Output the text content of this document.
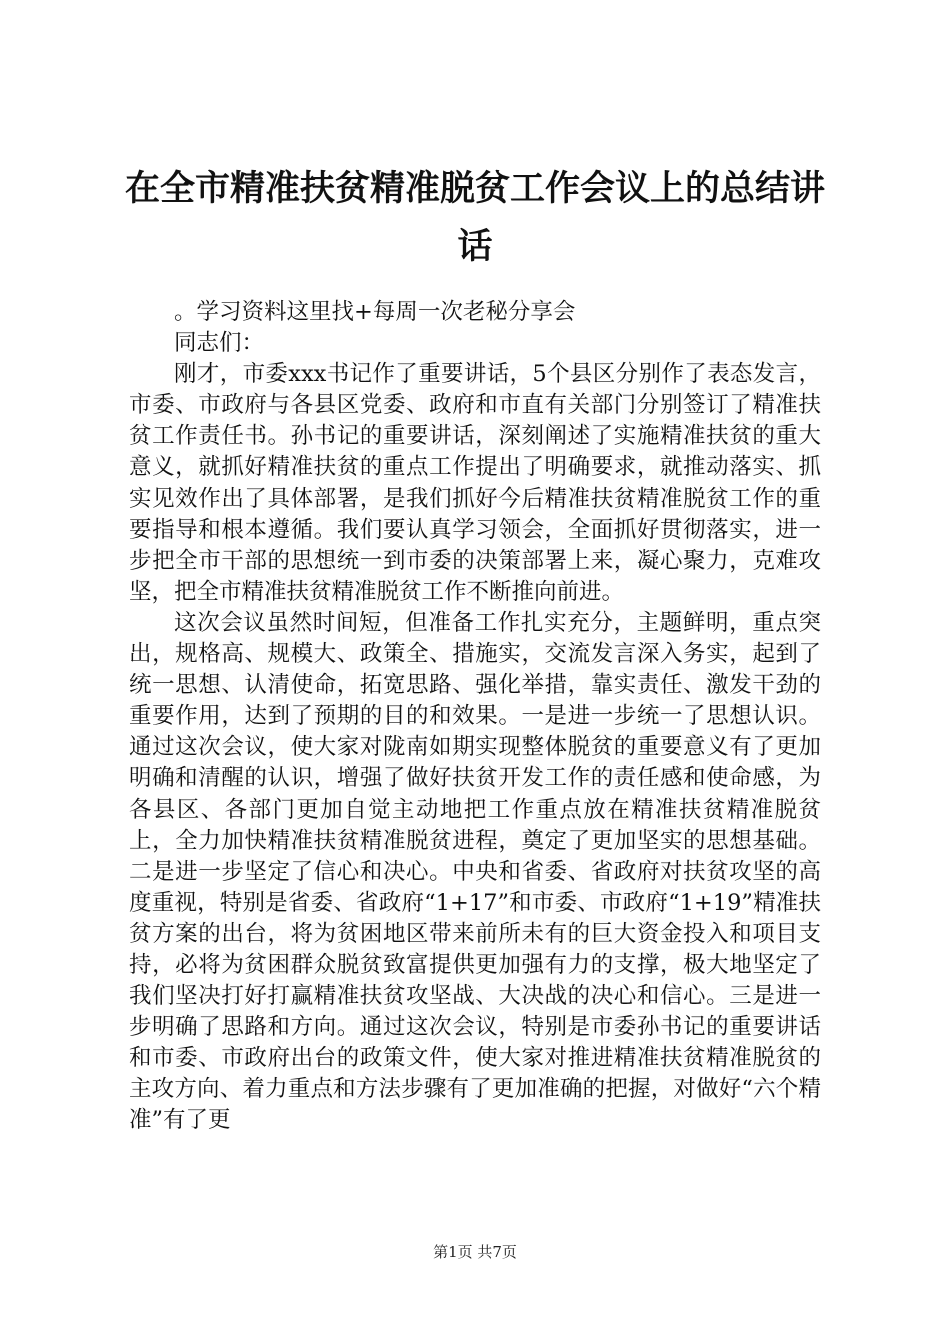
在全市精准扶贫精准脱贫工作会议上的总结讲话

。学习资料这里找+每周一次老秘分享会

同志们：

刚才，市委xxx书记作了重要讲话，5个县区分别作了表态发言，市委、市政府与各县区党委、政府和市直有关部门分别签订了精准扶贫工作责任书。孙书记的重要讲话，深刻阐述了实施精准扶贫的重大意义，就抓好精准扶贫的重点工作提出了明确要求，就推动落实、抓实见效作出了具体部署，是我们抓好今后精准扶贫精准脱贫工作的重要指导和根本遵循。我们要认真学习领会，全面抓好贯彻落实，进一步把全市干部的思想统一到市委的决策部署上来，凝心聚力，克难攻坚，把全市精准扶贫精准脱贫工作不断推向前进。

这次会议虽然时间短，但准备工作扎实充分，主题鲜明，重点突出，规格高、规模大、政策全、措施实，交流发言深入务实，起到了统一思想、认清使命，拓宽思路、强化举措，靠实责任、激发干劲的重要作用，达到了预期的目的和效果。一是进一步统一了思想认识。通过这次会议，使大家对陇南如期实现整体脱贫的重要意义有了更加明确和清醒的认识，增强了做好扶贫开发工作的责任感和使命感，为各县区、各部门更加自觉主动地把工作重点放在精准扶贫精准脱贫上，全力加快精准扶贫精准脱贫进程，奠定了更加坚实的思想基础。二是进一步坚定了信心和决心。中央和省委、省政府对扶贫攻坚的高度重视，特别是省委、省政府“1+17”和市委、市政府“1+19”精准扶贫方案的出台，将为贫困地区带来前所未有的巨大资金投入和项目支持，必将为贫困群众脱贫致富提供更加强有力的支撑，极大地坚定了我们坚决打好打赢精准扶贫攻坚战、大决战的决心和信心。三是进一步明确了思路和方向。通过这次会议，特别是市委孙书记的重要讲话和市委、市政府出台的政策文件，使大家对推进精准扶贫精准脱贫的主攻方向、着力重点和方法步骤有了更加准确的把握，对做好“六个精准”有了更

第1页 共7页
